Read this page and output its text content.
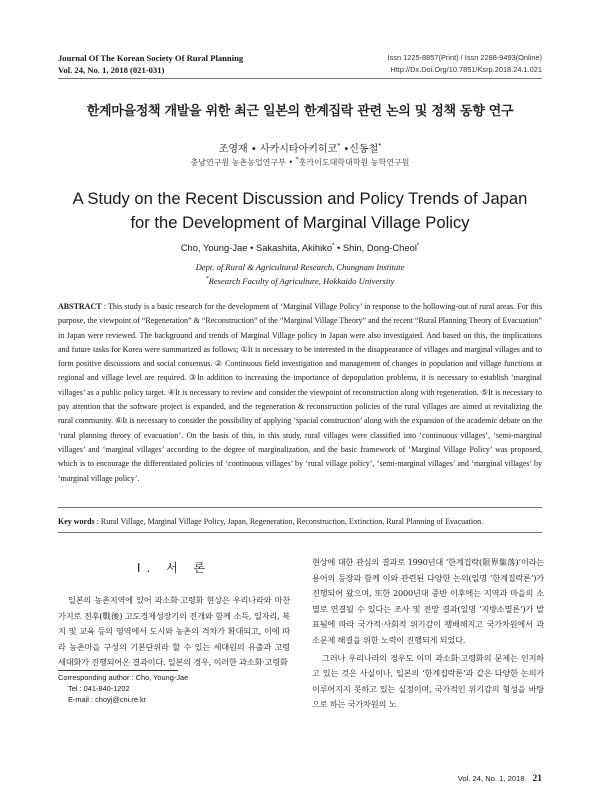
Journal Of The Korean Society Of Rural Planning
Vol. 24, No. 1, 2018 (021-031)
Issn 1225-8857(Print) / Issn 2288-9493(Online)
Http://Dx.Doi.Org/10.7851/Ksrp.2018.24.1.021
한계마을정책 개발을 위한 최근 일본의 한계집락 관련 논의 및 정책 동향 연구
조영재 • 사카시타아키히코* •신동철*
충남연구원 농촌농업연구부 • *훗카이도대학대학원 농학연구원
A Study on the Recent Discussion and Policy Trends of Japan
for the Development of Marginal Village Policy
Cho, Young-Jae • Sakashita, Akihiko* • Shin, Dong-Cheol*
Dept. of Rural & Agricultural Research, Chungnam Institute
*Research Faculty of Agriculture, Hokkaido University
ABSTRACT : This study is a basic research for the development of ‘Marginal Village Policy’ in response to the hollowing-out of rural areas. For this purpose, the viewpoint of “Regeneration” & “Reconstruction” of the “Marginal Village Theory” and the recent “Rural Planning Theory of Evacuation” in Japan were reviewed. The background and trends of Marginal Village policy in Japan were also investigated. And based on this, the implications and future tasks for Korea were summarized as follows; ①It is necessary to be interested in the disappearance of villages and marginal villages and to form positive discussions and social consensus. ② Continuous field investigation and management of changes in population and village functions at regional and village level are required. ③In addition to increasing the importance of depopulation problems, it is necessary to establish ‘marginal villages’ as a public policy target. ④It is necessary to review and consider the viewpoint of reconstruction along with regeneration. ⑤It is necessary to pay attention that the software project is expanded, and the regeneration & reconstruction policies of the rural villages are aimed at revitalizing the rural community. ⑥It is necessary to consider the possibility of applying ‘spacial construction’ along with the expansion of the academic debate on the ‘rural planning theory of evacuation’. On the basis of this, in this study, rural villages were classified into ‘continuous villages’, ‘semi-marginal villages’ and ‘marginal villages’ according to the degree of marginalization, and the basic framework of ‘Marginal Village Policy’ was proposed, which is to encourage the differentiated policies of ‘continuous villages’ by ‘rural village policy’, ‘semi-marginal villages’ and ‘marginal villages’ by ‘marginal village policy’.
Key words : Rural Village, Marginal Village Policy, Japan, Regeneration, Reconstruction, Extinction, Rural Planning of Evacuation.
I. 서 론

일본의 농촌지역에 있어 과소화·고령화 현상은 우리나라와 마찬가지로 전후(戰後) 고도경제성장기의 전개와 함께 소득, 일자리, 복지 및 교육 등의 영역에서 도시와 농촌의 격차가 확대되고, 이에 따라 농촌마을 구성의 기본단위라 할 수 있는 세대원의 유출과 고령 세대화가 진행되어온 결과이다. 일본의 경우, 이러한 과소화·고령화

현상에 대한 관심의 결과로 1990년대 ‘한계집락(限界集落)’이라는 용어의 등장과 함께 이와 관련된 다양한 논의(일명 ‘한계집락론’)가 진행되어 왔으며, 또한 2000년대 중반 이후에는 지역과 마을의 소멸로 연결될 수 있다는 조사 및 전망 결과(일명 ‘지방소멸론’)가 발표됨에 따라 국가적·사회적 위기감이 팽배해지고 국가차원에서 과소문제 해결을 위한 노력이 진행되게 되었다.

그러나 우리나라의 경우도 이미 과소화·고령화의 문제는 인지하고 있는 것은 사실이나, 일본의 ‘한계집락론’과 같은 다양한 논의가 이루어지지 못하고 있는 실정이며, 국가적인 위기감의 형성을 바탕으로 하는 국가차원의 노

Corresponding author : Cho, Young-Jae
Tel : 041-840-1202
E-mail : choyj@cni.re.kr
Vol. 24, No. 1, 2018 21
